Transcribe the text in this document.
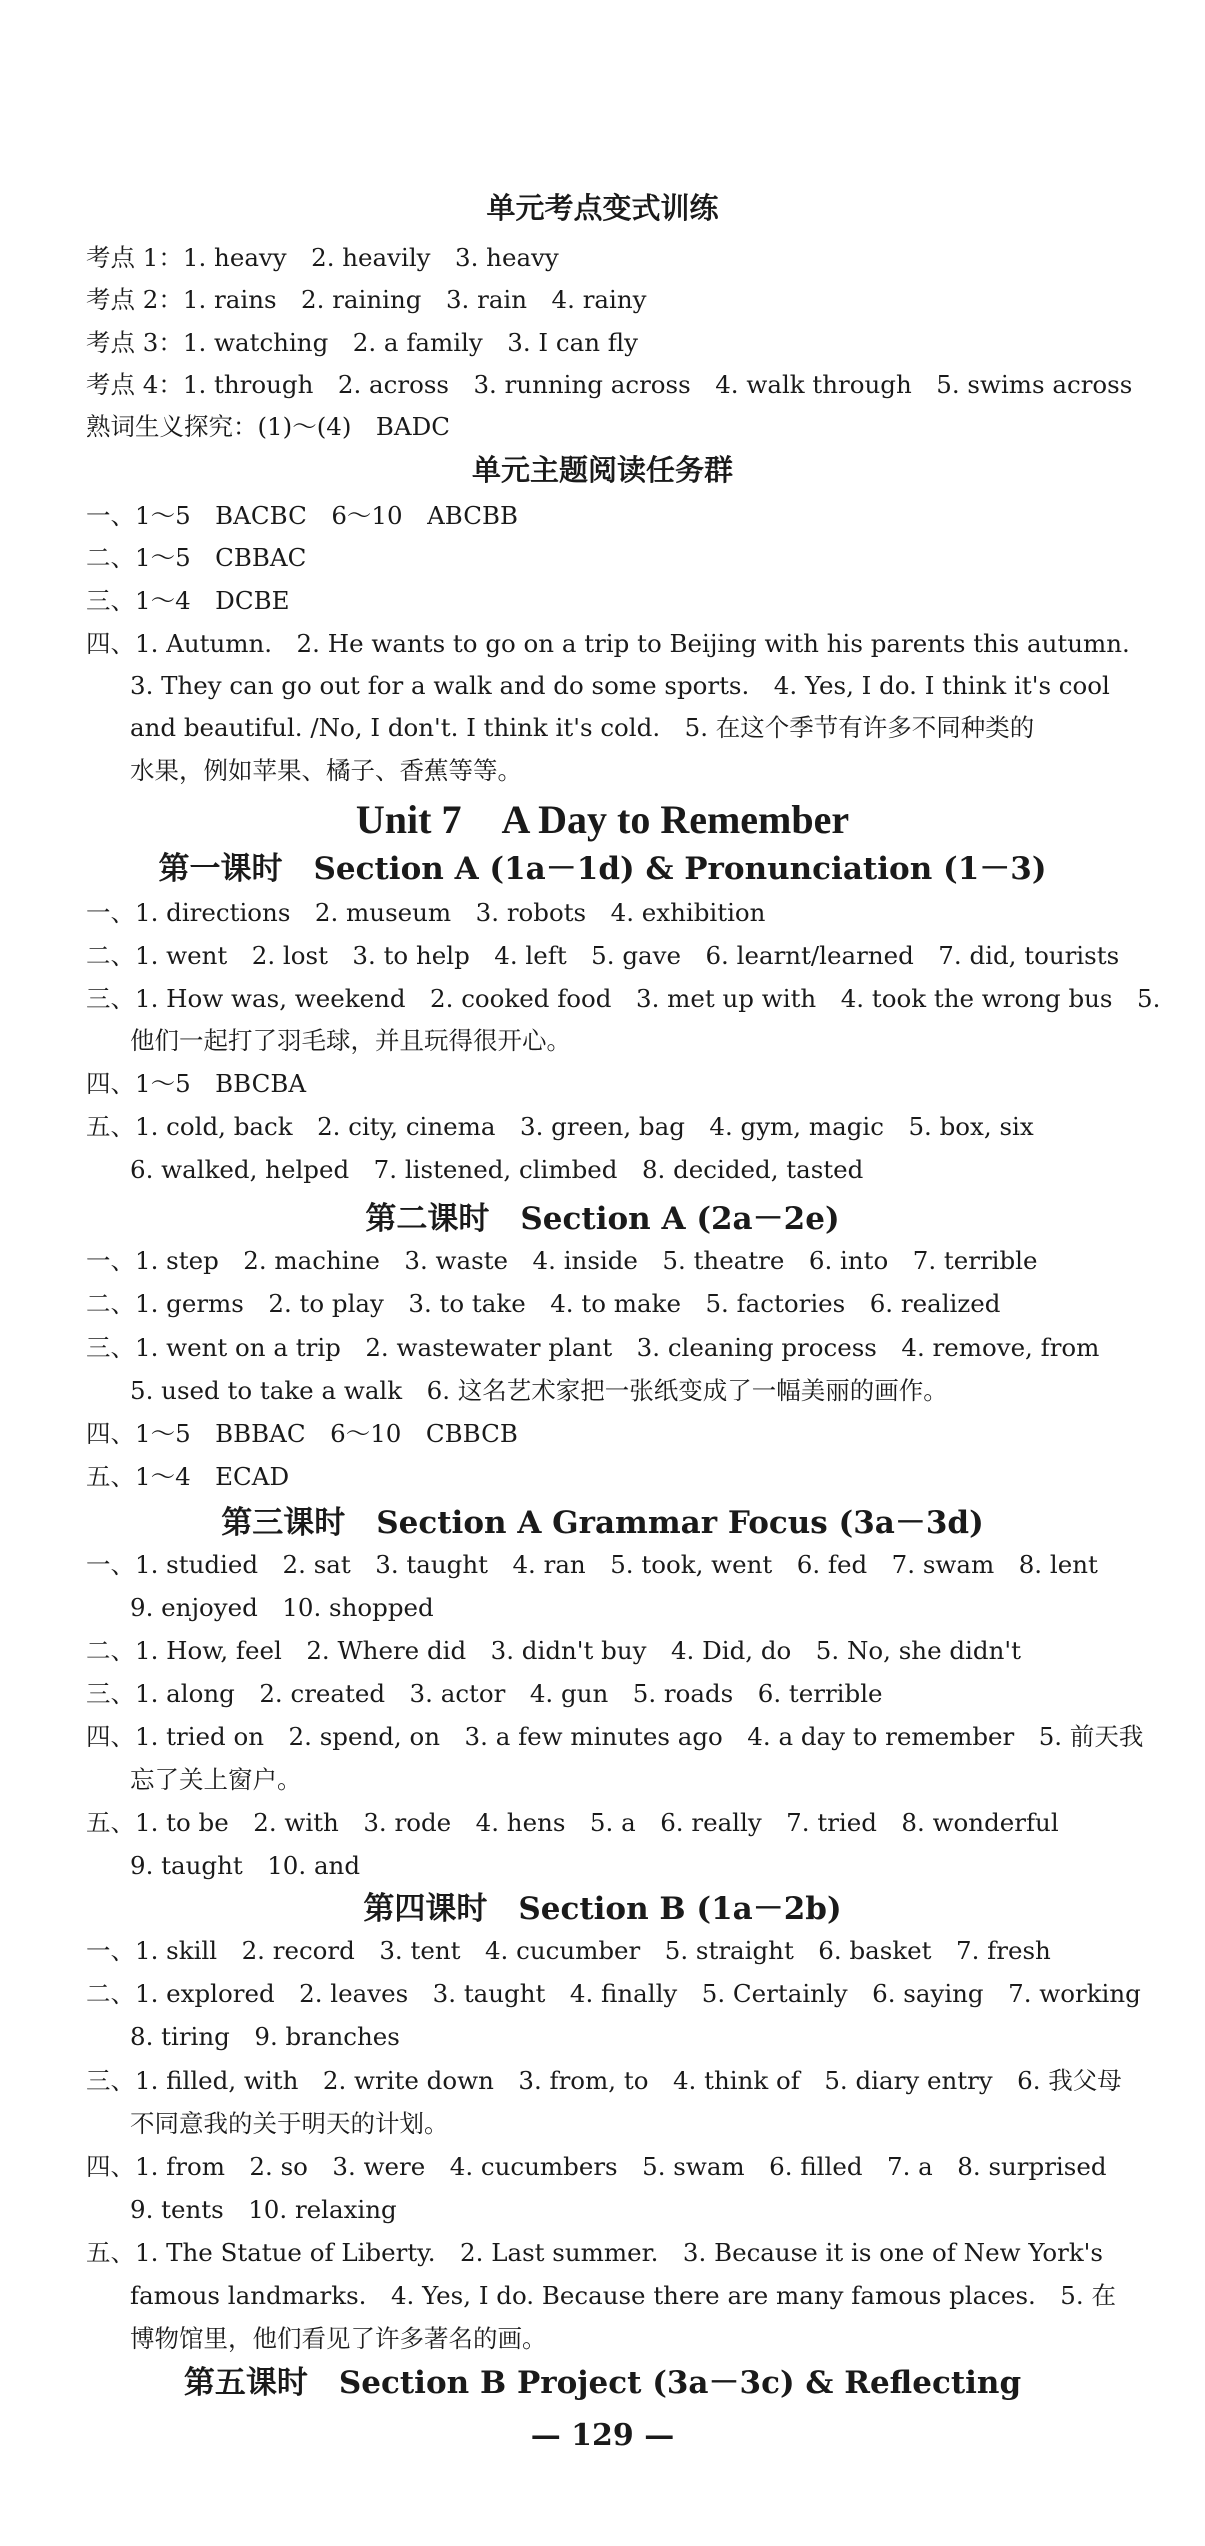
单元考点变式训练
考点 1：1. heavy　2. heavily　3. heavy
考点 2：1. rains　2. raining　3. rain　4. rainy
考点 3：1. watching　2. a family　3. I can fly
考点 4：1. through　2. across　3. running across　4. walk through　5. swims across
熟词生义探究：(1)～(4)　BADC
单元主题阅读任务群
一、1～5　BACBC　6～10　ABCBB
二、1～5　CBBAC
三、1～4　DCBE
四、1. Autumn.　2. He wants to go on a trip to Beijing with his parents this autumn.
3. They can go out for a walk and do some sports.　4. Yes, I do. I think it's cool
and beautiful. /No, I don't. I think it's cold.　5. 在这个季节有许多不同种类的
水果，例如苹果、橘子、香蕉等等。
Unit 7　A Day to Remember
第一课时　Section A (1a－1d) & Pronunciation (1－3)
一、1. directions　2. museum　3. robots　4. exhibition
二、1. went　2. lost　3. to help　4. left　5. gave　6. learnt/learned　7. did, tourists
三、1. How was, weekend　2. cooked food　3. met up with　4. took the wrong bus　5.
他们一起打了羽毛球，并且玩得很开心。
四、1～5　BBCBA
五、1. cold, back　2. city, cinema　3. green, bag　4. gym, magic　5. box, six
6. walked, helped　7. listened, climbed　8. decided, tasted
第二课时　Section A (2a－2e)
一、1. step　2. machine　3. waste　4. inside　5. theatre　6. into　7. terrible
二、1. germs　2. to play　3. to take　4. to make　5. factories　6. realized
三、1. went on a trip　2. wastewater plant　3. cleaning process　4. remove, from
5. used to take a walk　6. 这名艺术家把一张纸变成了一幅美丽的画作。
四、1～5　BBBAC　6～10　CBBCB
五、1～4　ECAD
第三课时　Section A Grammar Focus (3a－3d)
一、1. studied　2. sat　3. taught　4. ran　5. took, went　6. fed　7. swam　8. lent
9. enjoyed　10. shopped
二、1. How, feel　2. Where did　3. didn't buy　4. Did, do　5. No, she didn't
三、1. along　2. created　3. actor　4. gun　5. roads　6. terrible
四、1. tried on　2. spend, on　3. a few minutes ago　4. a day to remember　5. 前天我
忘了关上窗户。
五、1. to be　2. with　3. rode　4. hens　5. a　6. really　7. tried　8. wonderful
9. taught　10. and
第四课时　Section B (1a－2b)
一、1. skill　2. record　3. tent　4. cucumber　5. straight　6. basket　7. fresh
二、1. explored　2. leaves　3. taught　4. finally　5. Certainly　6. saying　7. working
8. tiring　9. branches
三、1. filled, with　2. write down　3. from, to　4. think of　5. diary entry　6. 我父母
不同意我的关于明天的计划。
四、1. from　2. so　3. were　4. cucumbers　5. swam　6. filled　7. a　8. surprised
9. tents　10. relaxing
五、1. The Statue of Liberty.　2. Last summer.　3. Because it is one of New York's
famous landmarks.　4. Yes, I do. Because there are many famous places.　5. 在
博物馆里，他们看见了许多著名的画。
第五课时　Section B Project (3a－3c) & Reflecting
— 129 —
